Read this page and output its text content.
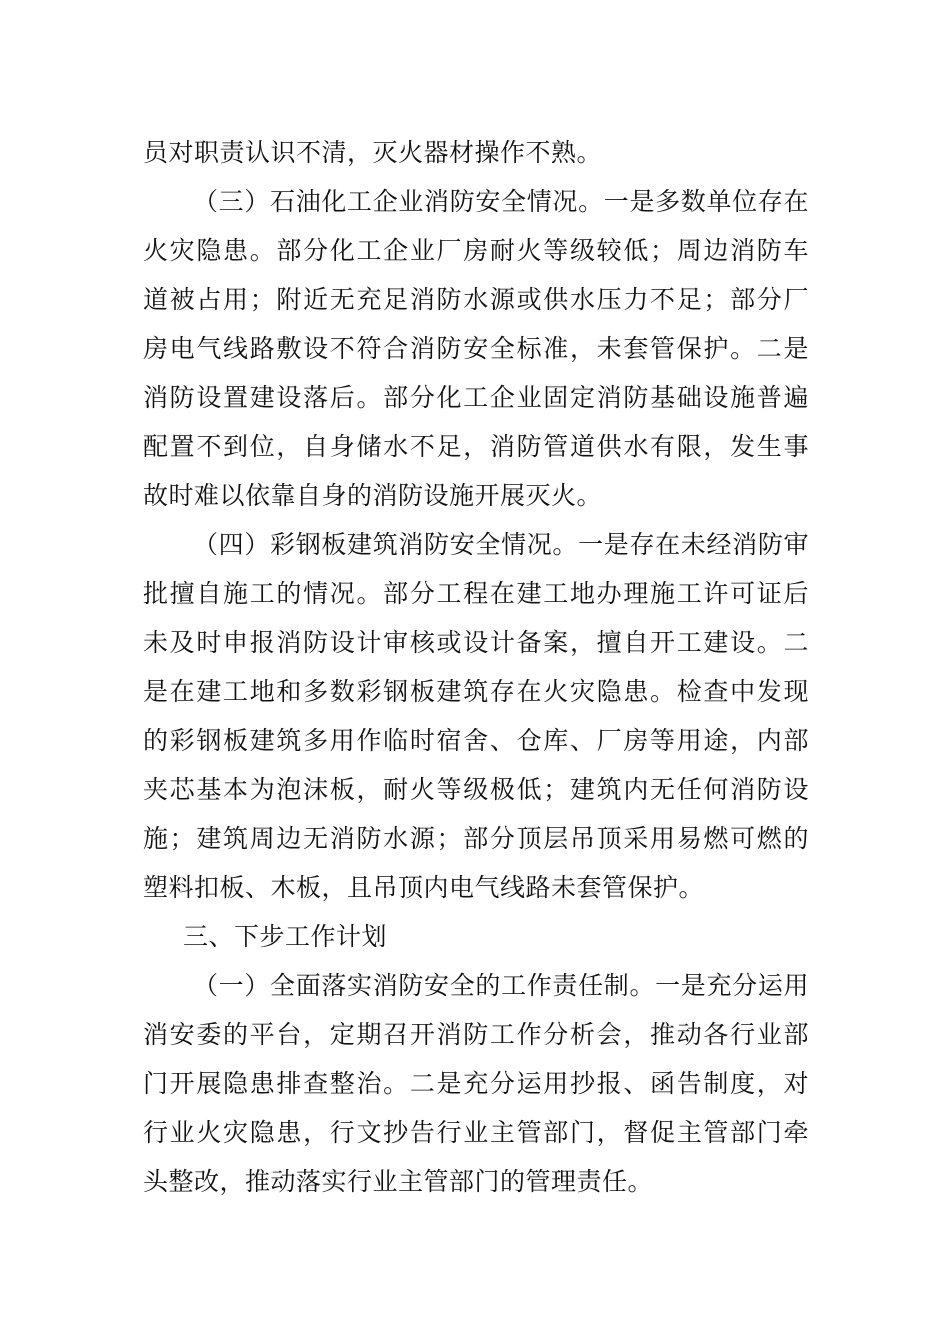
员对职责认识不清，灭火器材操作不熟。
（三）石油化工企业消防安全情况。一是多数单位存在
火灾隐患。部分化工企业厂房耐火等级较低；周边消防车
道被占用；附近无充足消防水源或供水压力不足；部分厂
房电气线路敷设不符合消防安全标准，未套管保护。二是
消防设置建设落后。部分化工企业固定消防基础设施普遍
配置不到位，自身储水不足，消防管道供水有限，发生事
故时难以依靠自身的消防设施开展灭火。
（四）彩钢板建筑消防安全情况。一是存在未经消防审
批擅自施工的情况。部分工程在建工地办理施工许可证后
未及时申报消防设计审核或设计备案，擅自开工建设。二
是在建工地和多数彩钢板建筑存在火灾隐患。检查中发现
的彩钢板建筑多用作临时宿舍、仓库、厂房等用途，内部
夹芯基本为泡沫板，耐火等级极低；建筑内无任何消防设
施；建筑周边无消防水源；部分顶层吊顶采用易燃可燃的
塑料扣板、木板，且吊顶内电气线路未套管保护。
三、下步工作计划
（一）全面落实消防安全的工作责任制。一是充分运用
消安委的平台，定期召开消防工作分析会，推动各行业部
门开展隐患排查整治。二是充分运用抄报、函告制度，对
行业火灾隐患，行文抄告行业主管部门，督促主管部门牵
头整改，推动落实行业主管部门的管理责任。
